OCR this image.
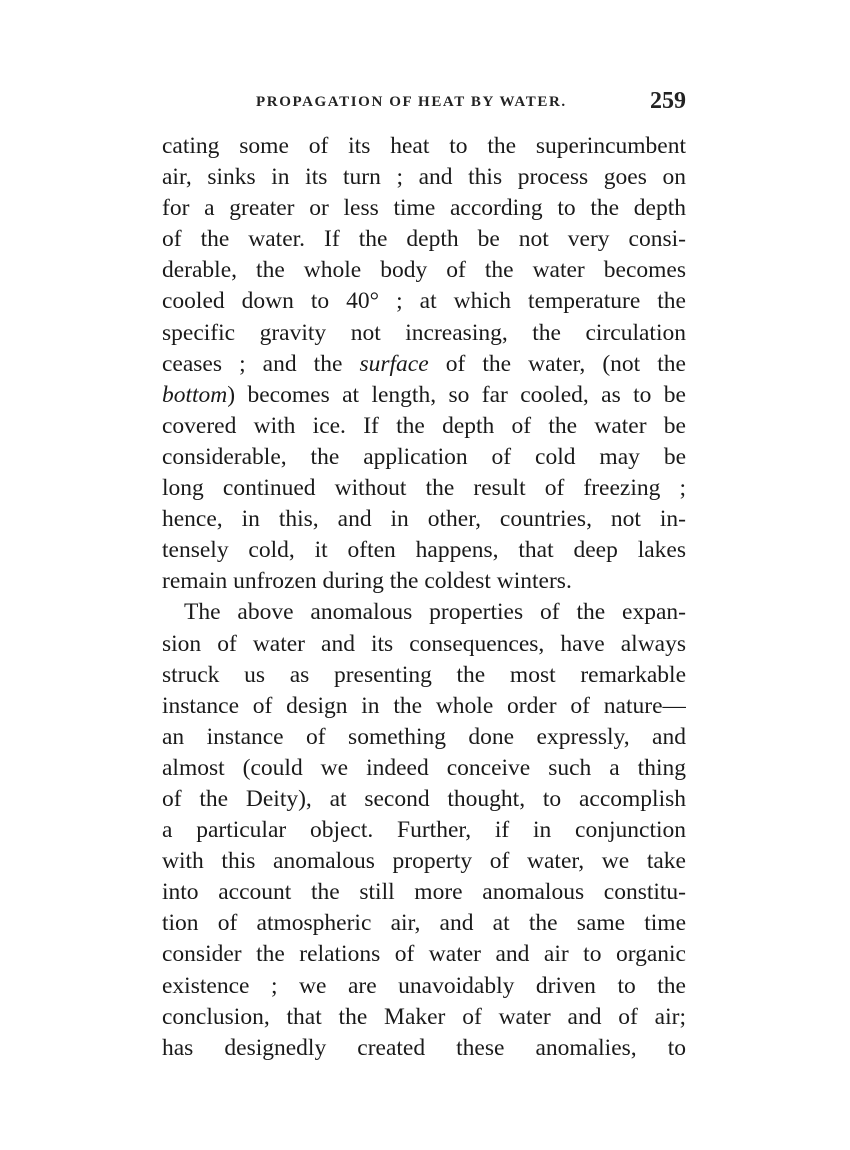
PROPAGATION OF HEAT BY WATER.	259
cating some of its heat to the superincumbent
air, sinks in its turn ; and this process goes on
for a greater or less time according to the depth
of the water. If the depth be not very consi-
derable, the whole body of the water becomes
cooled down to 40° ; at which temperature the
specific gravity not increasing, the circulation
ceases ; and the surface of the water, (not the
bottom) becomes at length, so far cooled, as to be
covered with ice. If the depth of the water be
considerable, the application of cold may be
long continued without the result of freezing ;
hence, in this, and in other, countries, not in-
tensely cold, it often happens, that deep lakes
remain unfrozen during the coldest winters.
The above anomalous properties of the expan-
sion of water and its consequences, have always
struck us as presenting the most remarkable
instance of design in the whole order of nature—
an instance of something done expressly, and
almost (could we indeed conceive such a thing
of the Deity), at second thought, to accomplish
a particular object. Further, if in conjunction
with this anomalous property of water, we take
into account the still more anomalous constitu-
tion of atmospheric air, and at the same time
consider the relations of water and air to organic
existence ; we are unavoidably driven to the
conclusion, that the Maker of water and of air;
has designedly created these anomalies, to
